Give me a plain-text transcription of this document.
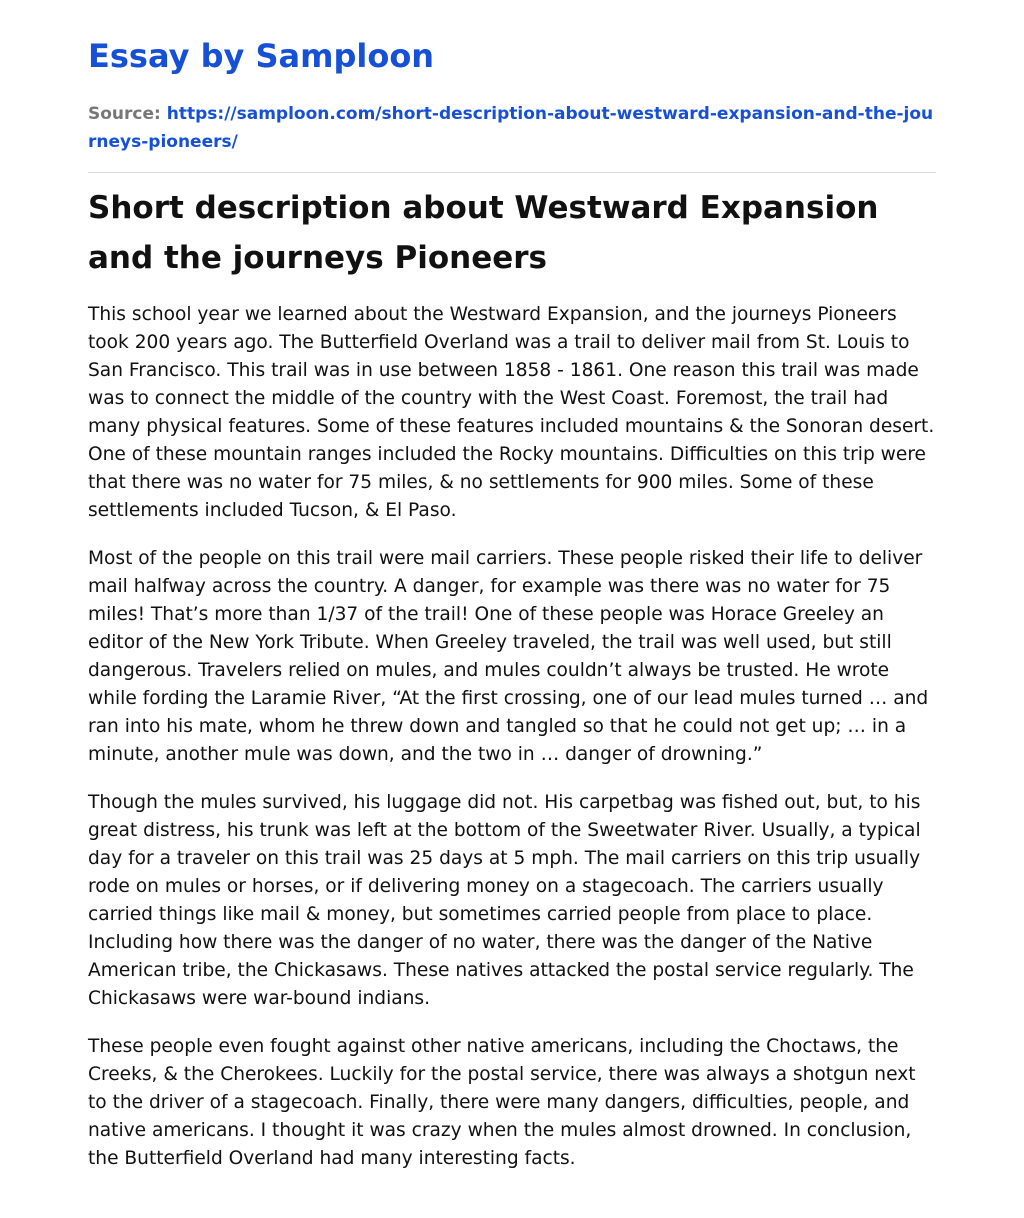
Essay by Samploon
Source: https://samploon.com/short-description-about-westward-expansion-and-the-journeys-pioneers/
Short description about Westward Expansion and the journeys Pioneers

This school year we learned about the Westward Expansion, and the journeys Pioneers took 200 years ago. The Butterfield Overland was a trail to deliver mail from St. Louis to San Francisco. This trail was in use between 1858 - 1861. One reason this trail was made was to connect the middle of the country with the West Coast. Foremost, the trail had many physical features. Some of these features included mountains & the Sonoran desert. One of these mountain ranges included the Rocky mountains. Difficulties on this trip were that there was no water for 75 miles, & no settlements for 900 miles. Some of these settlements included Tucson, & El Paso.

Most of the people on this trail were mail carriers. These people risked their life to deliver mail halfway across the country. A danger, for example was there was no water for 75 miles! That’s more than 1/37 of the trail! One of these people was Horace Greeley an editor of the New York Tribute. When Greeley traveled, the trail was well used, but still dangerous. Travelers relied on mules, and mules couldn’t always be trusted. He wrote while fording the Laramie River, “At the first crossing, one of our lead mules turned … and ran into his mate, whom he threw down and tangled so that he could not get up; … in a minute, another mule was down, and the two in … danger of drowning.”

Though the mules survived, his luggage did not. His carpetbag was fished out, but, to his great distress, his trunk was left at the bottom of the Sweetwater River. Usually, a typical day for a traveler on this trail was 25 days at 5 mph. The mail carriers on this trip usually rode on mules or horses, or if delivering money on a stagecoach. The carriers usually carried things like mail & money, but sometimes carried people from place to place. Including how there was the danger of no water, there was the danger of the Native American tribe, the Chickasaws. These natives attacked the postal service regularly. The Chickasaws were war-bound indians.

These people even fought against other native americans, including the Choctaws, the Creeks, & the Cherokees. Luckily for the postal service, there was always a shotgun next to the driver of a stagecoach. Finally, there were many dangers, difficulties, people, and native americans. I thought it was crazy when the mules almost drowned. In conclusion, the Butterfield Overland had many interesting facts.
